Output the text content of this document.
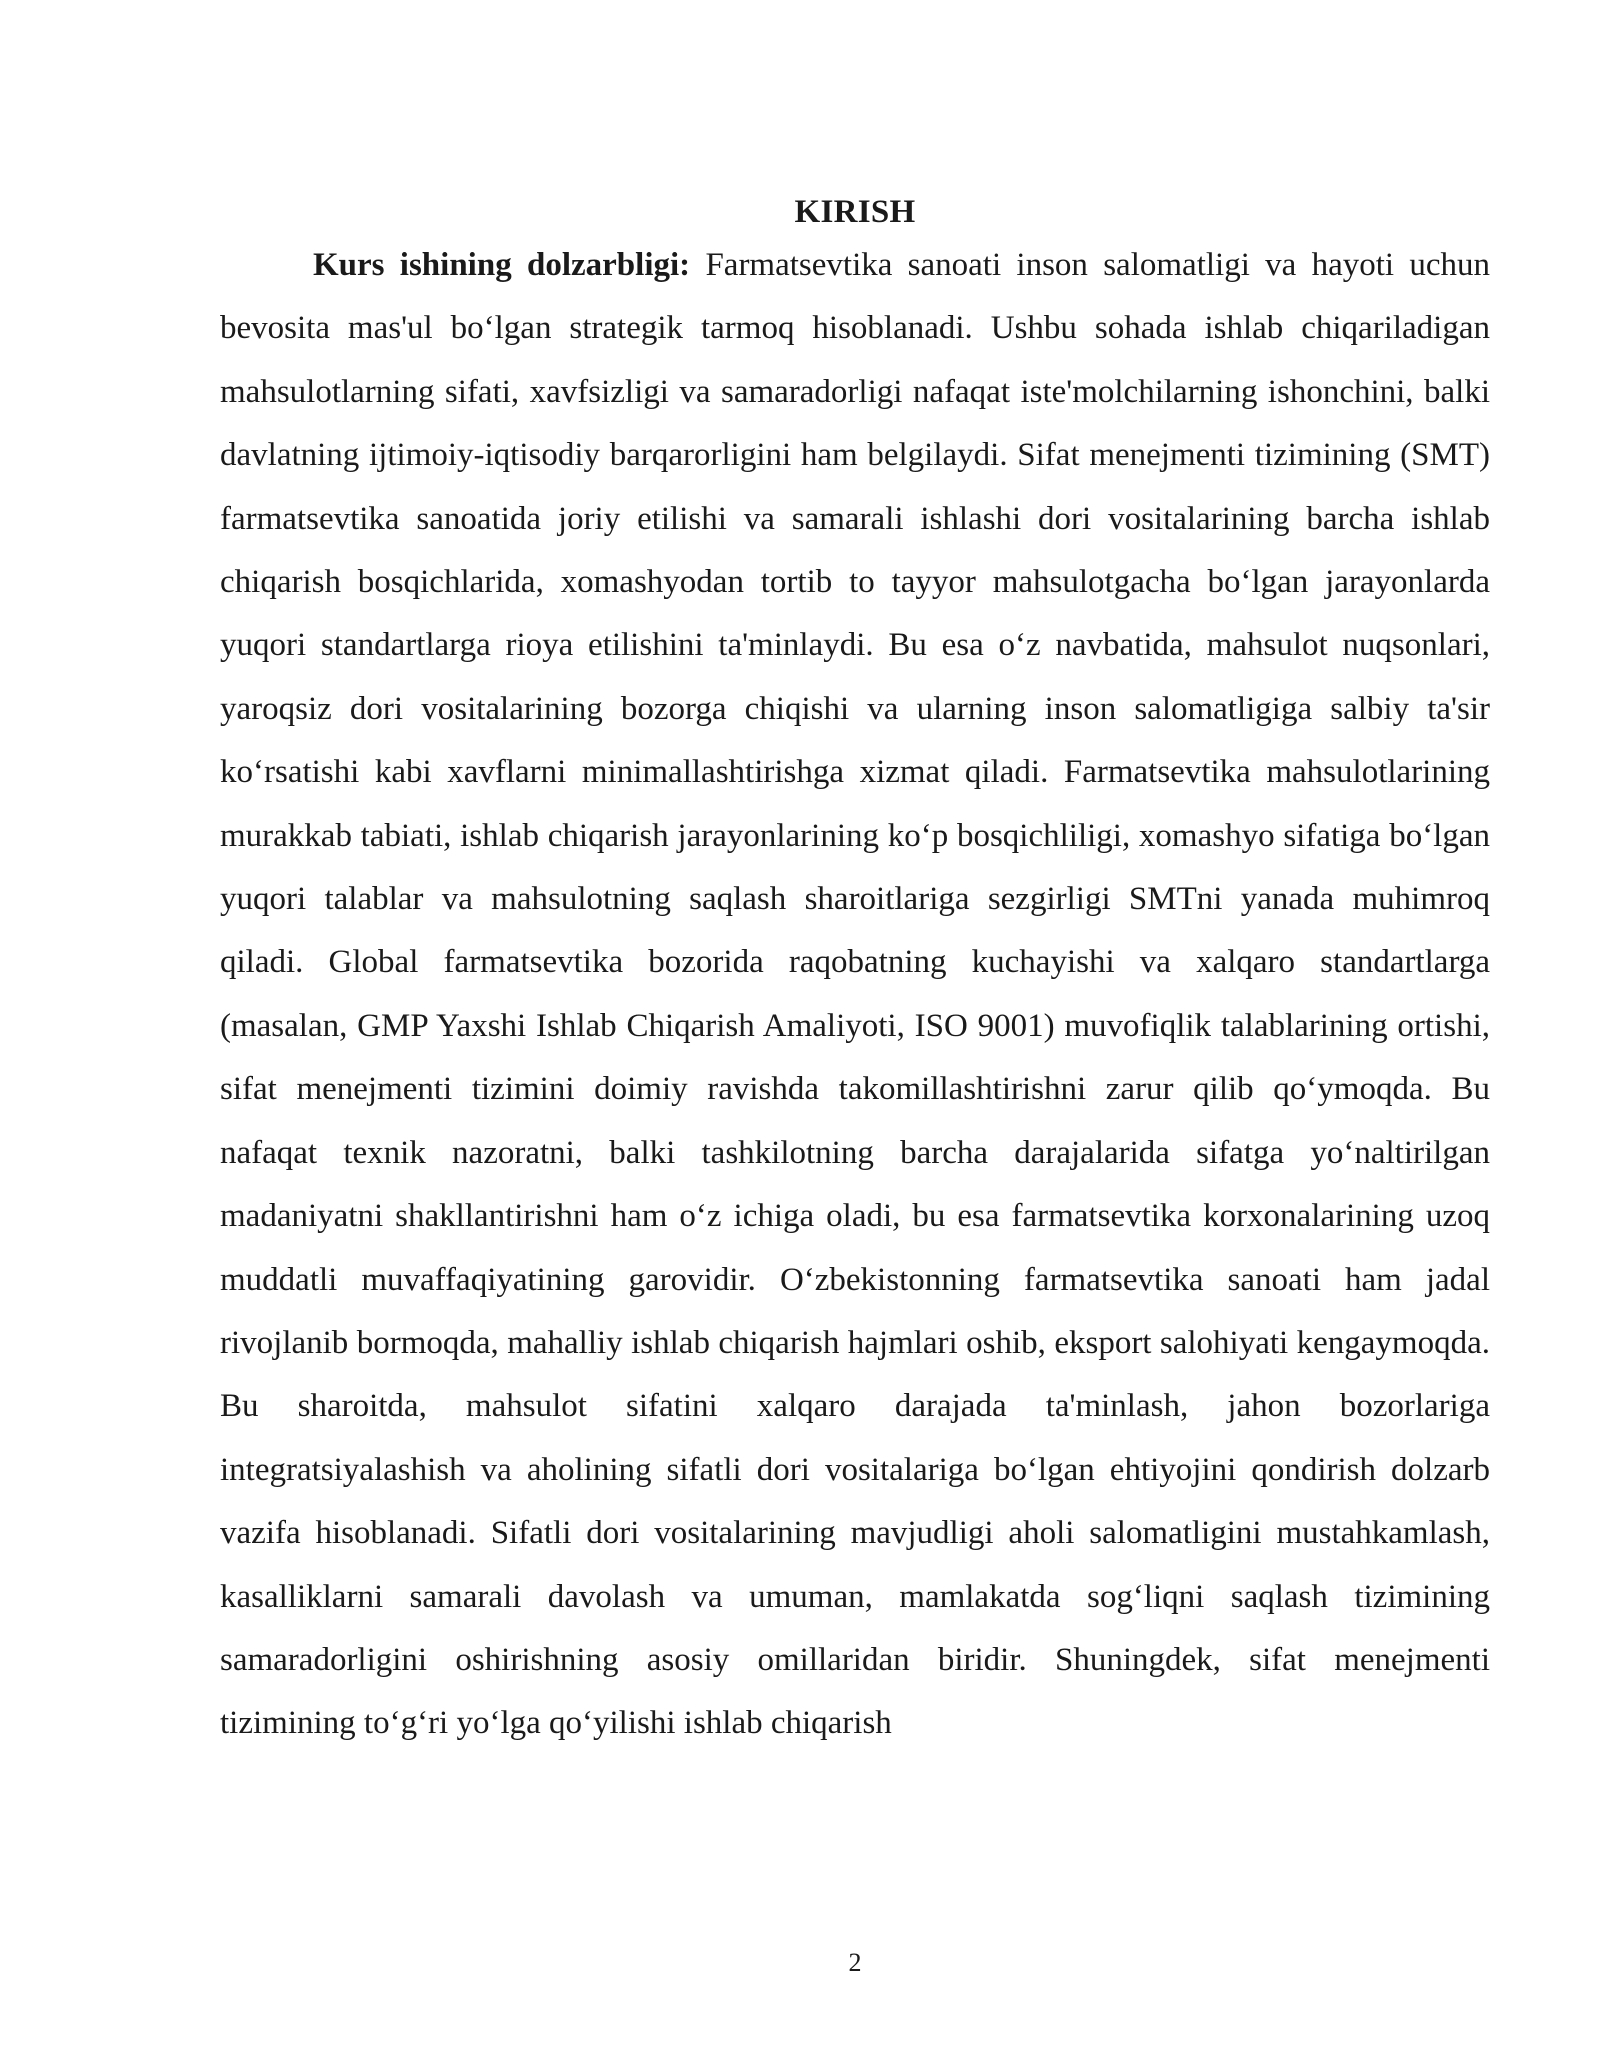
KIRISH

Kurs ishining dolzarbligi: Farmatsevtika sanoati inson salomatligi va hayoti uchun bevosita mas'ul bo‘lgan strategik tarmoq hisoblanadi. Ushbu sohada ishlab chiqariladigan mahsulotlarning sifati, xavfsizligi va samaradorligi nafaqat iste'molchilarning ishonchini, balki davlatning ijtimoiy-iqtisodiy barqarorligini ham belgilaydi. Sifat menejmenti tizimining (SMT) farmatsevtika sanoatida joriy etilishi va samarali ishlashi dori vositalarining barcha ishlab chiqarish bosqichlarida, xomashyodan tortib to tayyor mahsulotgacha bo‘lgan jarayonlarda yuqori standartlarga rioya etilishini ta'minlaydi. Bu esa o‘z navbatida, mahsulot nuqsonlari, yaroqsiz dori vositalarining bozorga chiqishi va ularning inson salomatligiga salbiy ta'sir ko‘rsatishi kabi xavflarni minimallashtirishga xizmat qiladi. Farmatsevtika mahsulotlarining murakkab tabiati, ishlab chiqarish jarayonlarining ko‘p bosqichliligi, xomashyo sifatiga bo‘lgan yuqori talablar va mahsulotning saqlash sharoitlariga sezgirligi SMTni yanada muhimroq qiladi. Global farmatsevtika bozorida raqobatning kuchayishi va xalqaro standartlarga (masalan, GMP Yaxshi Ishlab Chiqarish Amaliyoti, ISO 9001) muvofiqlik talablarining ortishi, sifat menejmenti tizimini doimiy ravishda takomillashtirishni zarur qilib qo‘ymoqda. Bu nafaqat texnik nazoratni, balki tashkilotning barcha darajalarida sifatga yo‘naltirilgan madaniyatni shakllantirishni ham o‘z ichiga oladi, bu esa farmatsevtika korxonalarining uzoq muddatli muvaffaqiyatining garovidir. O‘zbekistonning farmatsevtika sanoati ham jadal rivojlanib bormoqda, mahalliy ishlab chiqarish hajmlari oshib, eksport salohiyati kengaymoqda. Bu sharoitda, mahsulot sifatini xalqaro darajada ta'minlash, jahon bozorlariga integratsiyalashish va aholining sifatli dori vositalariga bo‘lgan ehtiyojini qondirish dolzarb vazifa hisoblanadi. Sifatli dori vositalarining mavjudligi aholi salomatligini mustahkamlash, kasalliklarni samarali davolash va umuman, mamlakatda sog‘liqni saqlash tizimining samaradorligini oshirishning asosiy omillaridan biridir. Shuningdek, sifat menejmenti tizimining to‘g‘ri yo‘lga qo‘yilishi ishlab chiqarish

2
